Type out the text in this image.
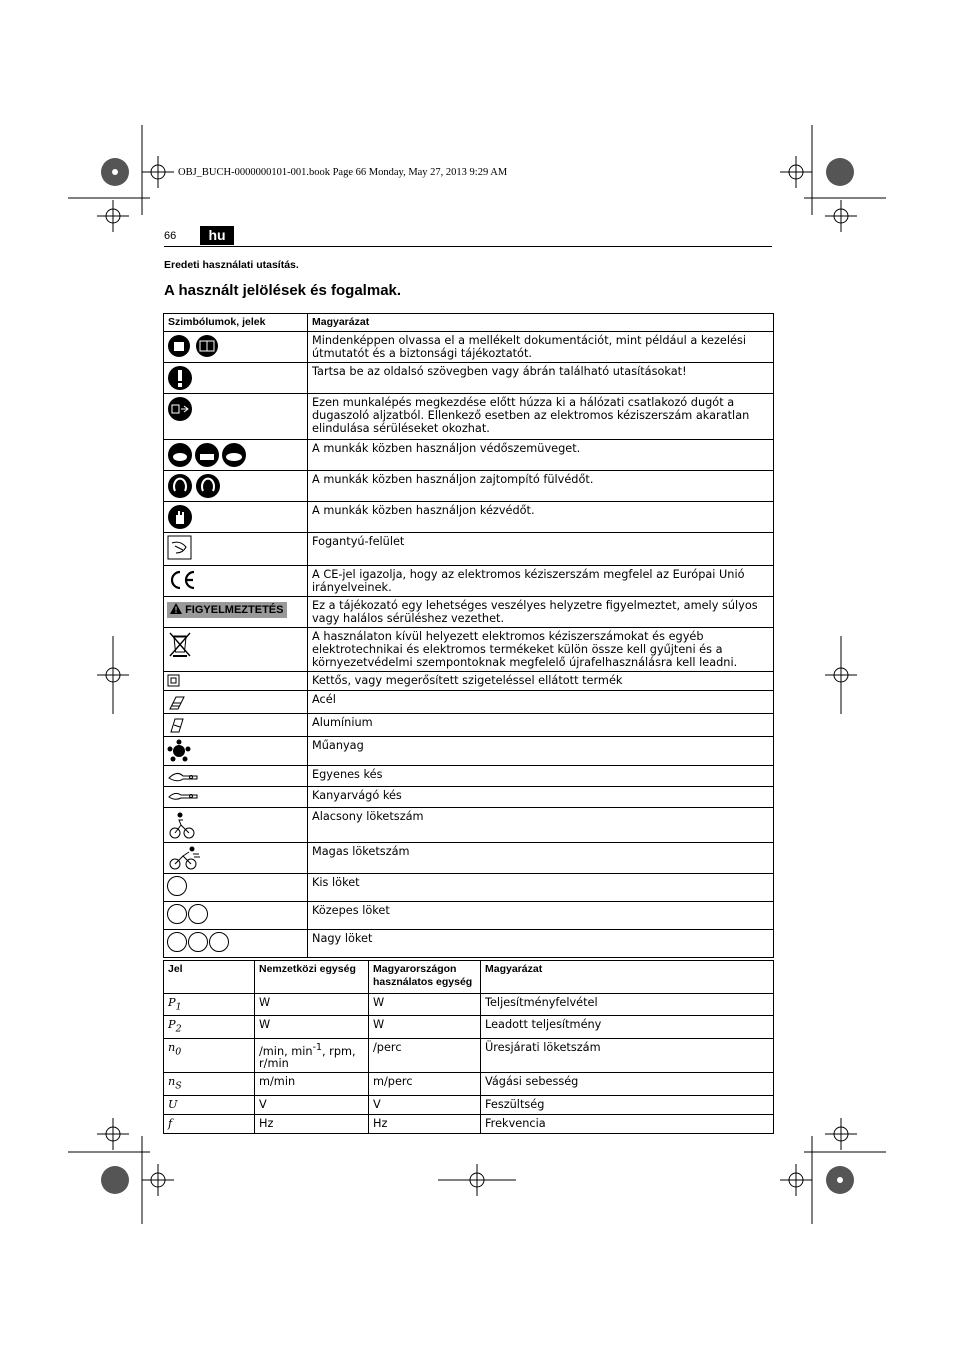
OBJ_BUCH-0000000101-001.book Page 66 Monday, May 27, 2013 9:29 AM
66	hu
Eredeti használati utasítás.
A használt jelölések és fogalmak.
Szimbólumok, jelek	Magyarázat
	Mindenképpen olvassa el a mellékelt dokumentációt, mint például a kezelési útmutatót és a biztonsági tájékoztatót.
	Tartsa be az oldalsó szövegben vagy ábrán található utasításokat!
	Ezen munkalépés megkezdése előtt húzza ki a hálózati csatlakozó dugót a dugaszoló aljzatból. Ellenkező esetben az elektromos kéziszerszám akaratlan elindulása sérüléseket okozhat.
	A munkák közben használjon védőszemüveget.
	A munkák közben használjon zajtompító fülvédőt.
	A munkák közben használjon kézvédőt.
	Fogantyú-felület
	A CE-jel igazolja, hogy az elektromos kéziszerszám megfelel az Európai Unió irányelveinek.
FIGYELMEZTETÉS	Ez a tájékozató egy lehetséges veszélyes helyzetre figyelmeztet, amely súlyos vagy halálos sérüléshez vezethet.
	A használaton kívül helyezett elektromos kéziszerszámokat és egyéb elektrotechnikai és elektromos termékeket külön össze kell gyűjteni és a környezetvédelmi szempontoknak megfelelő újrafelhasználásra kell leadni.
	Kettős, vagy megerősített szigeteléssel ellátott termék
	Acél
	Alumínium
	Műanyag
	Egyenes kés
	Kanyarvágó kés
	Alacsony löketszám
	Magas löketszám
	Kis löket
	Közepes löket
	Nagy löket
Jel	Nemzetközi egység	Magyarországon használatos egység	Magyarázat
$P_1$	W	W	Teljesítményfelvétel
$P_2$	W	W	Leadott teljesítmény
$n_0$	/min, $\min^{-1}$, rpm, r/min	/perc	Üresjárati löketszám
$n_S$	m/min	m/perc	Vágási sebesség
U	V	V	Feszültség
f	Hz	Hz	Frekvencia
